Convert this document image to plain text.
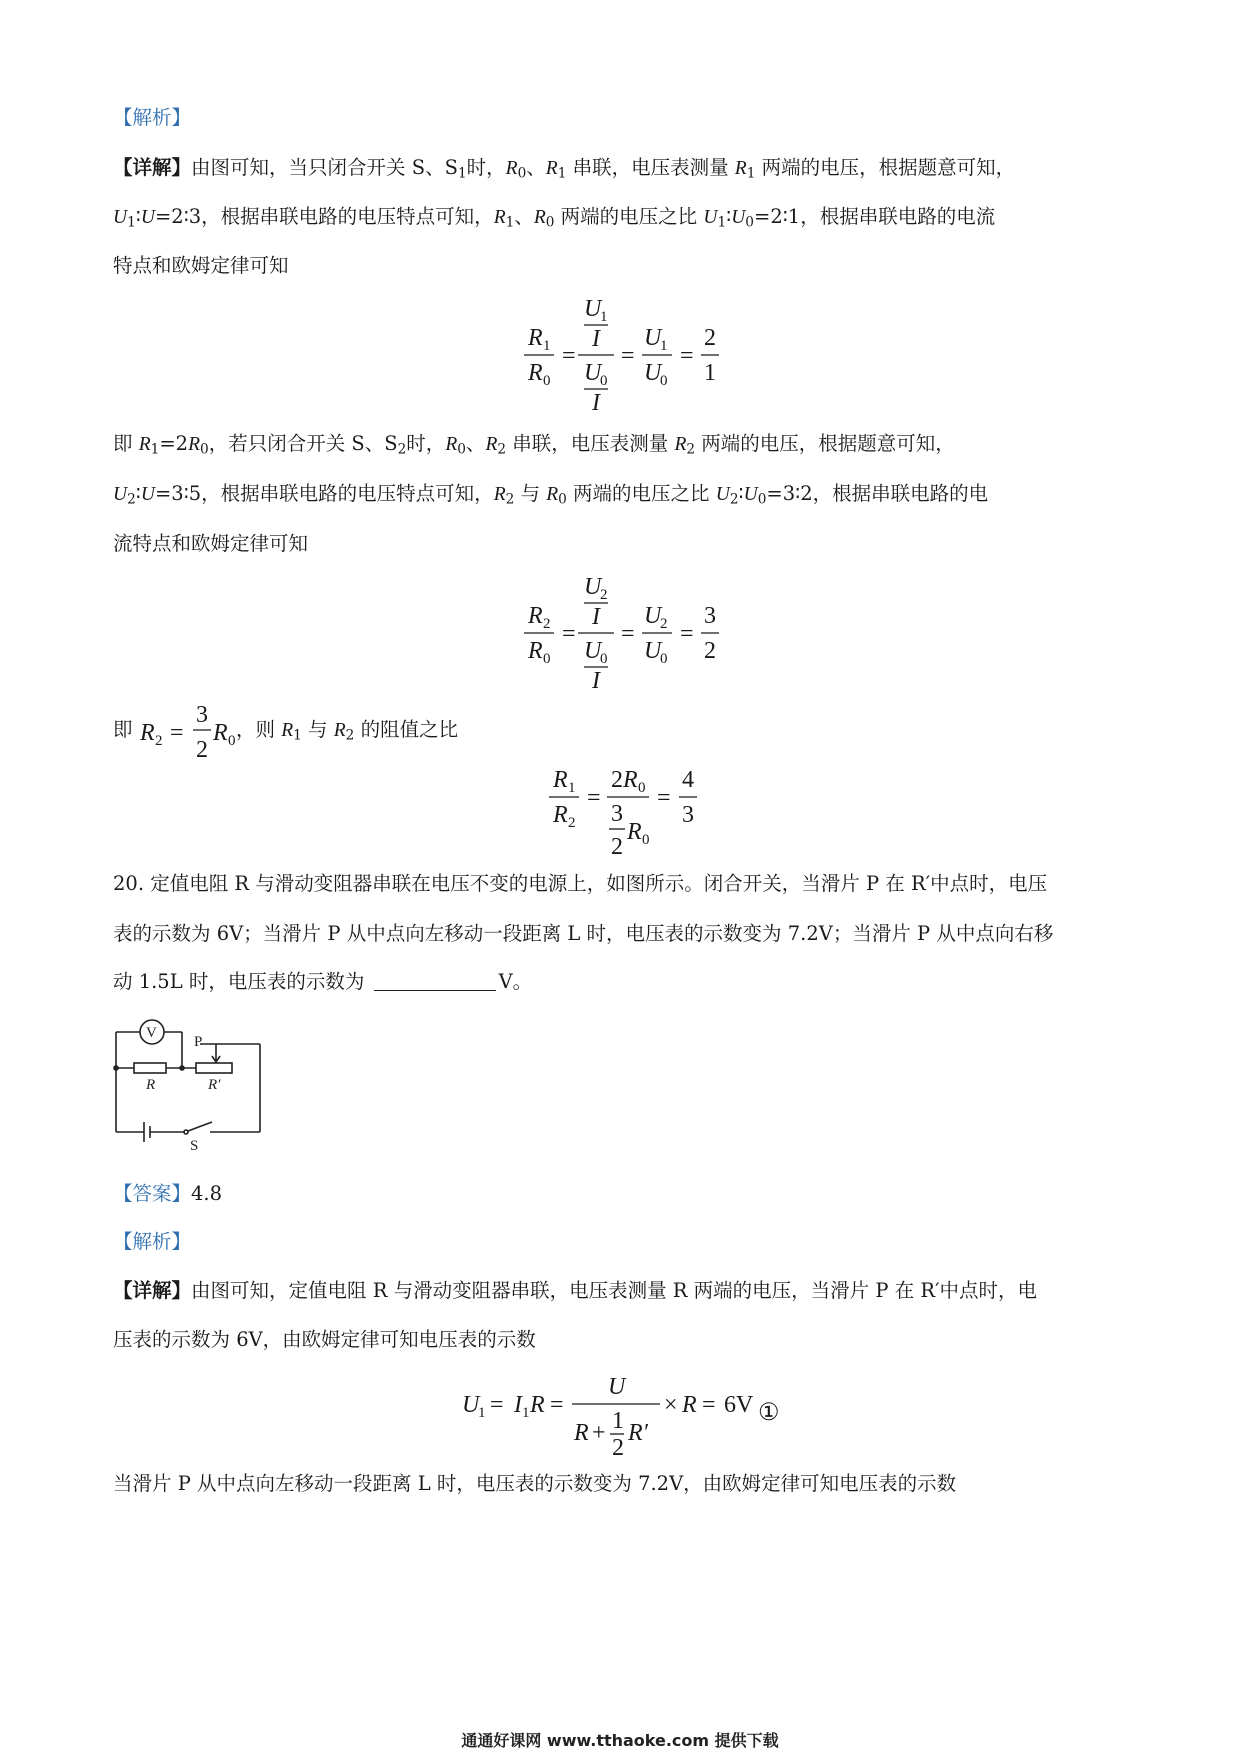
【解析】
【详解】由图可知，当只闭合开关 S、$S_1$时，$R_0$、$R_1$ 串联，电压表测量 $R_1$ 两端的电压，根据题意可知，
$U_1∶U=2∶3$，根据串联电路的电压特点可知，$R_1$、$R_0$ 两端的电压之比 $U_1∶U_0=2∶1$，根据串联电路的电流
特点和欧姆定律可知
R 1
R 0
=
U
1
I
U
0
I
=
U
1
U
0
=
2
1
即 $R_1=2R_0$，若只闭合开关 S、$S_2$时，$R_0$、$R_2$ 串联，电压表测量 $R_2$ 两端的电压，根据题意可知，
$U_2∶U=3∶5$，根据串联电路的电压特点可知，$R_2$ 与 $R_0$ 两端的电压之比 $U_2∶U_0=3∶2$，根据串联电路的电
流特点和欧姆定律可知
R 2
R 0
=
U
2
I
U
0
I
=
U
2
U
0
=
3
2
即 R 2 =
3
2
R 0 ，则 $R_1$ 与 $R_2$ 的阻值之比
R 1
R 2
=
2 R 0
3
2
R 0
=
4
3
20. 定值电阻 R 与滑动变阻器串联在电压不变的电源上，如图所示。闭合开关，当滑片 P 在 R′中点时，电压
表的示数为 6V；当滑片 P 从中点向左移动一段距离 L 时，电压表的示数变为 7.2V；当滑片 P 从中点向右移
动 1.5L 时，电压表的示数为	V。
V
R	R′
P
S
【答案】4.8
【解析】
【详解】由图可知，定值电阻 R 与滑动变阻器串联，电压表测量 R 两端的电压，当滑片 P 在 R′中点时，电
压表的示数为 6V，由欧姆定律可知电压表的示数
U
1 = I 1 R =
U
R + 1
2
R′
× R = 6V ①
当滑片 P 从中点向左移动一段距离 L 时，电压表的示数变为 7.2V，由欧姆定律可知电压表的示数
通通好课网 www.tthaoke.com 提供下载
